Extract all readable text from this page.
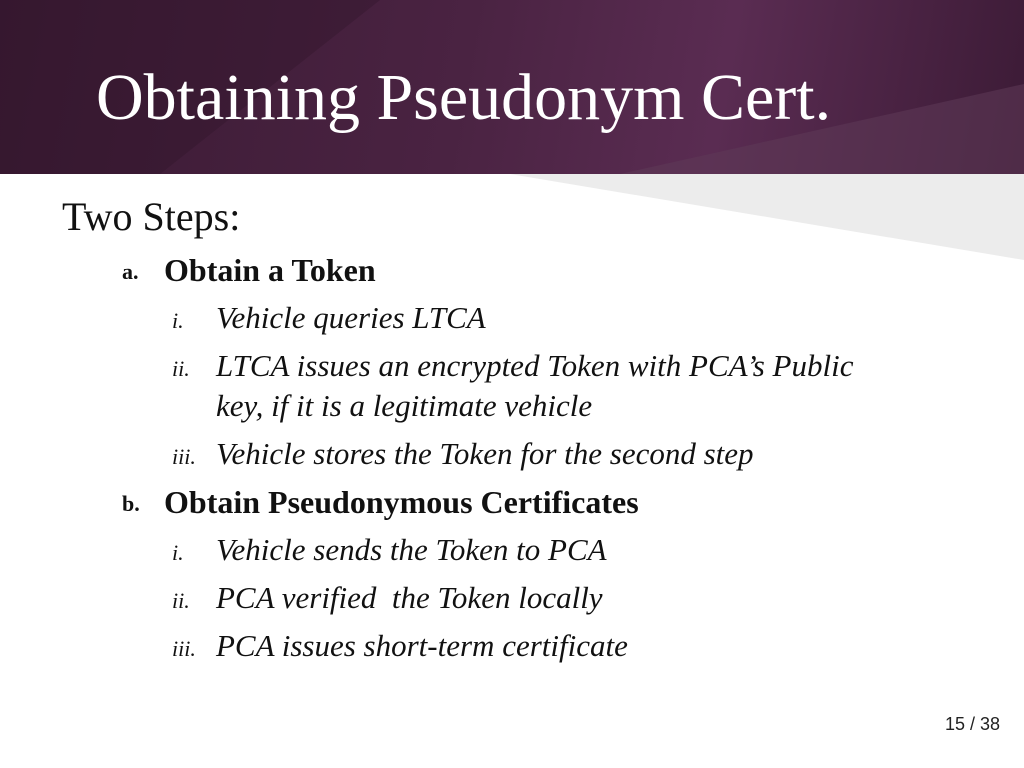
Obtaining Pseudonym Cert.
Two Steps:
a. Obtain a Token
i. Vehicle queries LTCA
ii. LTCA issues an encrypted Token with PCA’s Public key, if it is a legitimate vehicle
iii. Vehicle stores the Token for the second step
b. Obtain Pseudonymous Certificates
i. Vehicle sends the Token to PCA
ii. PCA verified  the Token locally
iii. PCA issues short-term certificate
15 / 38
